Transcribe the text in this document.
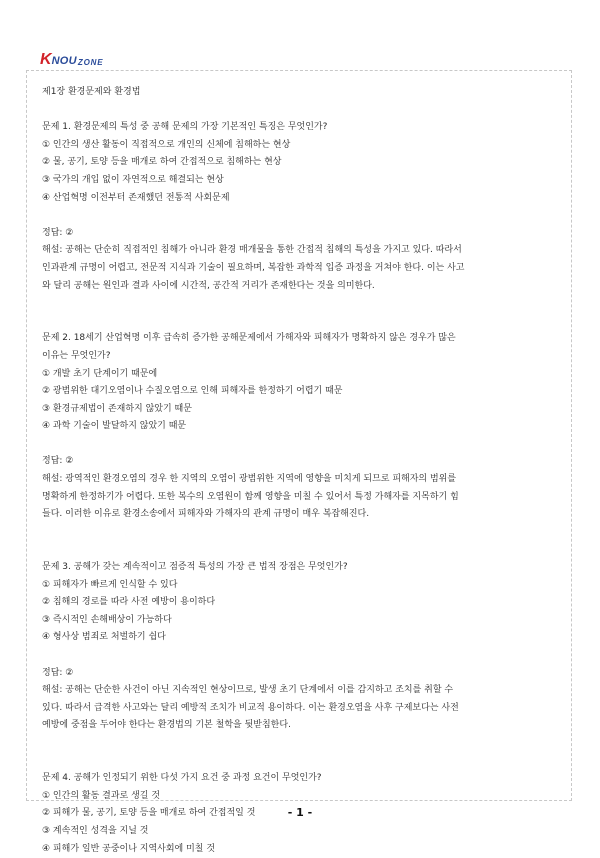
K NOU ZONE

제1장 환경문제와 환경법

문제 1. 환경문제의 특성 중 공해 문제의 가장 기본적인 특징은 무엇인가?

① 인간의 생산 활동이 직접적으로 개인의 신체에 침해하는 현상

② 물, 공기, 토양 등을 매개로 하여 간접적으로 침해하는 현상

③ 국가의 개입 없이 자연적으로 해결되는 현상

④ 산업혁명 이전부터 존재했던 전통적 사회문제

정답: ②

해설: 공해는 단순히 직접적인 침해가 아니라 환경 매개물을 통한 간접적 침해의 특성을 가지고 있다. 따라서

인과관계 규명이 어렵고, 전문적 지식과 기술이 필요하며, 복잡한 과학적 입증 과정을 거쳐야 한다. 이는 사고

와 달리 공해는 원인과 결과 사이에 시간적, 공간적 거리가 존재한다는 것을 의미한다.

문제 2. 18세기 산업혁명 이후 급속히 증가한 공해문제에서 가해자와 피해자가 명확하지 않은 경우가 많은

이유는 무엇인가?

① 개발 초기 단계이기 때문에

② 광범위한 대기오염이나 수질오염으로 인해 피해자를 한정하기 어렵기 때문

③ 환경규제법이 존재하지 않았기 때문

④ 과학 기술이 발달하지 않았기 때문

정답: ②

해설: 광역적인 환경오염의 경우 한 지역의 오염이 광범위한 지역에 영향을 미치게 되므로 피해자의 범위를

명확하게 한정하기가 어렵다. 또한 복수의 오염원이 함께 영향을 미칠 수 있어서 특정 가해자를 지목하기 힘

들다. 이러한 이유로 환경소송에서 피해자와 가해자의 관계 규명이 매우 복잡해진다.

문제 3. 공해가 갖는 계속적이고 점증적 특성의 가장 큰 법적 장점은 무엇인가?

① 피해자가 빠르게 인식할 수 있다

② 침해의 경로를 따라 사전 예방이 용이하다

③ 즉시적인 손해배상이 가능하다

④ 형사상 범죄로 처벌하기 쉽다

정답: ②

해설: 공해는 단순한 사건이 아닌 지속적인 현상이므로, 발생 초기 단계에서 이를 감지하고 조치를 취할 수

있다. 따라서 급격한 사고와는 달리 예방적 조치가 비교적 용이하다. 이는 환경오염을 사후 구제보다는 사전

예방에 중점을 두어야 한다는 환경법의 기본 철학을 뒷받침한다.

문제 4. 공해가 인정되기 위한 다섯 가지 요건 중 과정 요건이 무엇인가?

① 인간의 활동 결과로 생길 것

② 피해가 물, 공기, 토양 등을 매개로 하여 간접적일 것

③ 계속적인 성격을 지닐 것

④ 피해가 일반 공중이나 지역사회에 미칠 것

- 1 -
